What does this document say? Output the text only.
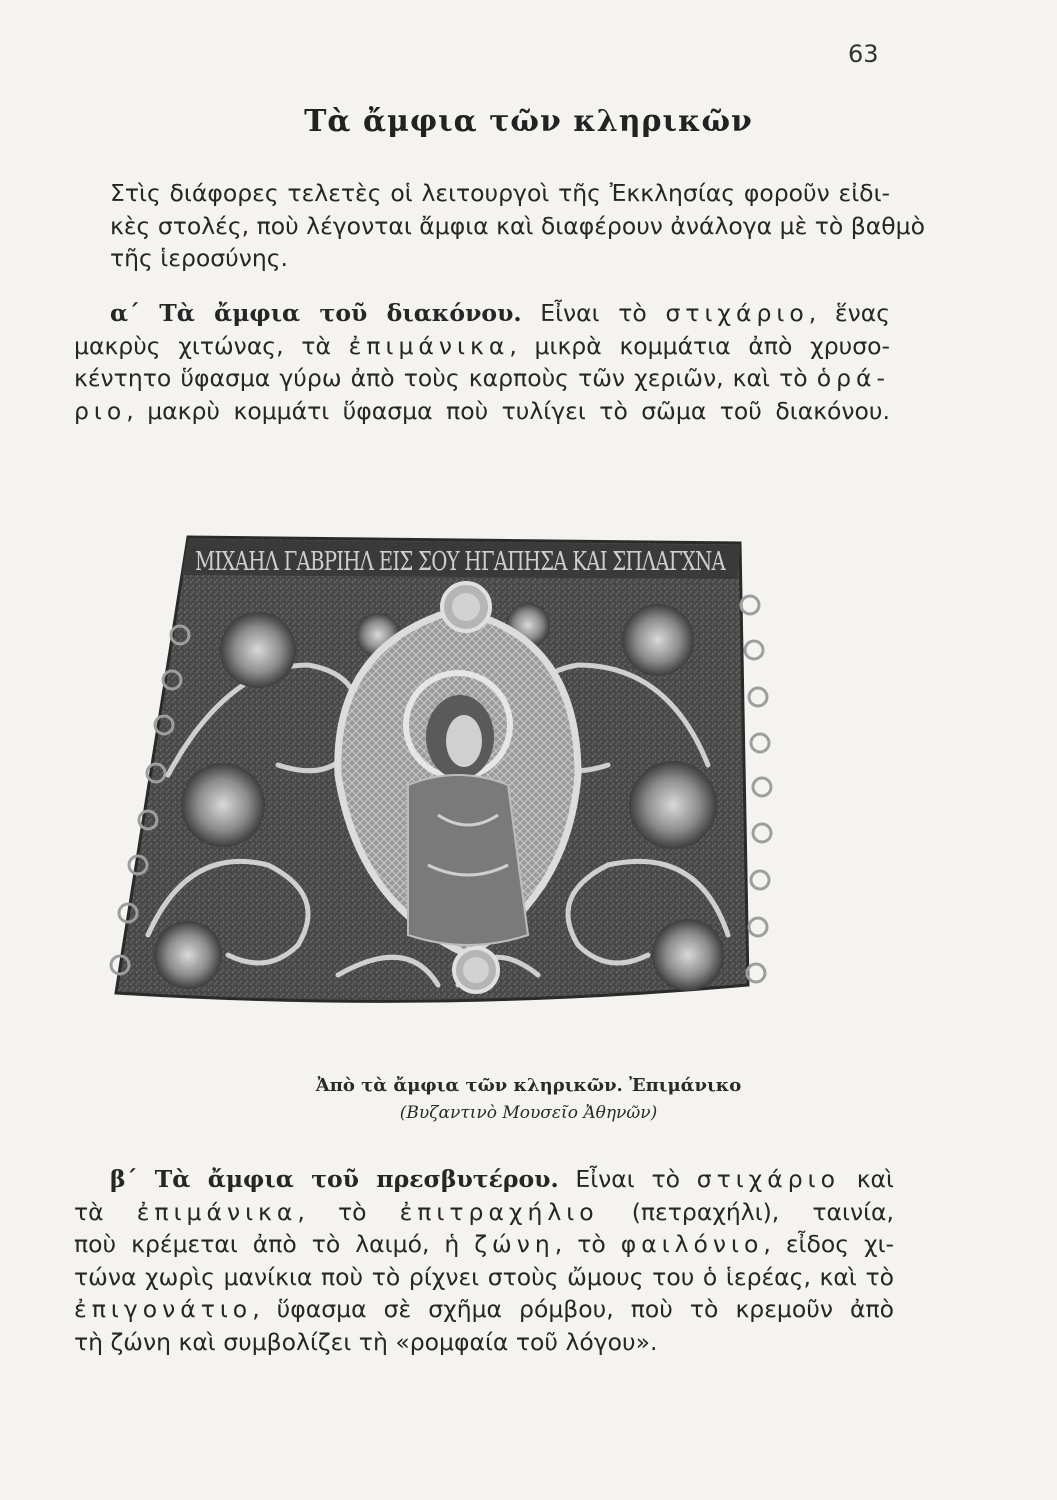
63
Τὰ ἄμφια τῶν κληρικῶν
Στὶς διάφορες τελετὲς οἱ λειτουργοὶ τῆς Ἐκκλησίας φοροῦν εἰδι-
κὲς στολές, ποὺ λέγονται ἄμφια καὶ διαφέρουν ἀνάλογα μὲ τὸ βαθμὸ
τῆς ἱεροσύνης.
α΄ Τὰ ἄμφια τοῦ διακόνου. Εἶναι τὸ στιχάριο, ἕνας
μακρὺς χιτώνας, τὰ ἐπιμάνικα, μικρὰ κομμάτια ἀπὸ χρυσο-
κέντητο ὕφασμα γύρω ἀπὸ τοὺς καρποὺς τῶν χεριῶν, καὶ τὸ ὁρά-
ριο, μακρὺ κομμάτι ὕφασμα ποὺ τυλίγει τὸ σῶμα τοῦ διακόνου.
ΜΙΧΑΗΛ ΓΑΒΡΙΗΛ ΕΙΣ ΣΟΥ ΗΓΑΠΗΣΑ ΚΑΙ ΣΠΛΑΓΧΝΑ
Ἀπὸ τὰ ἄμφια τῶν κληρικῶν. Ἐπιμάνικο
(Βυζαντινὸ Μουσεῖο Ἀθηνῶν)
β΄ Τὰ ἄμφια τοῦ πρεσβυτέρου. Εἶναι τὸ στιχάριο καὶ
τὰ ἐπιμάνικα, τὸ ἐπιτραχήλιο (πετραχήλι), ταινία,
ποὺ κρέμεται ἀπὸ τὸ λαιμό, ἡ ζώνη, τὸ φαιλόνιο, εἶδος χι-
τώνα χωρὶς μανίκια ποὺ τὸ ρίχνει στοὺς ὤμους του ὁ ἱερέας, καὶ τὸ
ἐπιγονάτιο, ὕφασμα σὲ σχῆμα ρόμβου, ποὺ τὸ κρεμοῦν ἀπὸ
τὴ ζώνη καὶ συμβολίζει τὴ «ρομφαία τοῦ λόγου».
